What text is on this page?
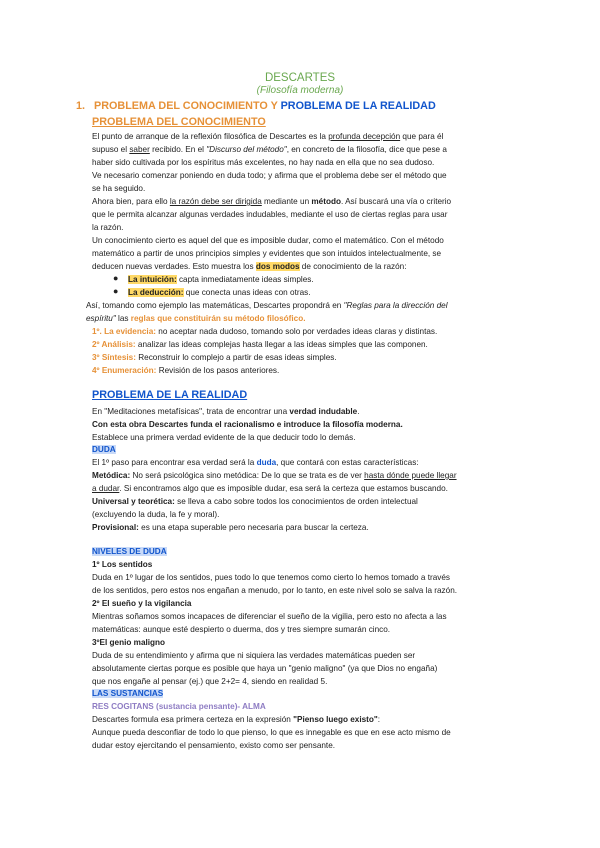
DESCARTES
(Filosofía moderna)
1. PROBLEMA DEL CONOCIMIENTO Y PROBLEMA DE LA REALIDAD
PROBLEMA DEL CONOCIMIENTO
El punto de arranque de la reflexión filosófica de Descartes es la profunda decepción que para él
supuso el saber recibido. En el "Discurso del método", en concreto de la filosofía, dice que pese a
haber sido cultivada por los espíritus más excelentes, no hay nada en ella que no sea dudoso.
Ve necesario comenzar poniendo en duda todo; y afirma que el problema debe ser el método que
se ha seguido.
Ahora bien, para ello la razón debe ser dirigida mediante un método. Así buscará una vía o criterio
que le permita alcanzar algunas verdades indudables, mediante el uso de ciertas reglas para usar
la razón.
Un conocimiento cierto es aquel del que es imposible dudar, como el matemático. Con el método
matemático a partir de unos principios simples y evidentes que son intuidos intelectualmente, se
deducen nuevas verdades. Esto muestra los dos modos de conocimiento de la razón:
● La intuición: capta inmediatamente ideas simples.
● La deducción: que conecta unas ideas con otras.
Así, tomando como ejemplo las matemáticas, Descartes propondrá en "Reglas para la dirección del
espíritu" las reglas que constituirán su método filosófico.
1º. La evidencia: no aceptar nada dudoso, tomando solo por verdades ideas claras y distintas.
2º Análisis: analizar las ideas complejas hasta llegar a las ideas simples que las componen.
3º Síntesis: Reconstruir lo complejo a partir de esas ideas simples.
4º Enumeración: Revisión de los pasos anteriores.
PROBLEMA DE LA REALIDAD
En "Meditaciones metafísicas", trata de encontrar una verdad indudable.
Con esta obra Descartes funda el racionalismo e introduce la filosofía moderna.
Establece una primera verdad evidente de la que deducir todo lo demás.
DUDA
El 1º paso para encontrar esa verdad será la duda, que contará con estas características:
Metódica: No será psicológica sino metódica: De lo que se trata es de ver hasta dónde puede llegar
a dudar. Si encontramos algo que es imposible dudar, esa será la certeza que estamos buscando.
Universal y teorética: se lleva a cabo sobre todos los conocimientos de orden intelectual
(excluyendo la duda, la fe y moral).
Provisional: es una etapa superable pero necesaria para buscar la certeza.
NIVELES DE DUDA
1º Los sentidos
Duda en 1º lugar de los sentidos, pues todo lo que tenemos como cierto lo hemos tomado a través
de los sentidos, pero estos nos engañan a menudo, por lo tanto, en este nivel solo se salva la razón.
2º El sueño y la vigilancia
Mientras soñamos somos incapaces de diferenciar el sueño de la vigilia, pero esto no afecta a las
matemáticas: aunque esté despierto o duerma, dos y tres siempre sumarán cinco.
3ºEl genio maligno
Duda de su entendimiento y afirma que ni siquiera las verdades matemáticas pueden ser
absolutamente ciertas porque es posible que haya un "genio maligno" (ya que Dios no engaña)
que nos engañe al pensar (ej.) que 2+2= 4, siendo en realidad 5.
LAS SUSTANCIAS
RES COGITANS (sustancia pensante)- ALMA
Descartes formula esa primera certeza en la expresión "Pienso luego existo":
Aunque pueda desconfiar de todo lo que pienso, lo que es innegable es que en ese acto mismo de
dudar estoy ejercitando el pensamiento, existo como ser pensante.
